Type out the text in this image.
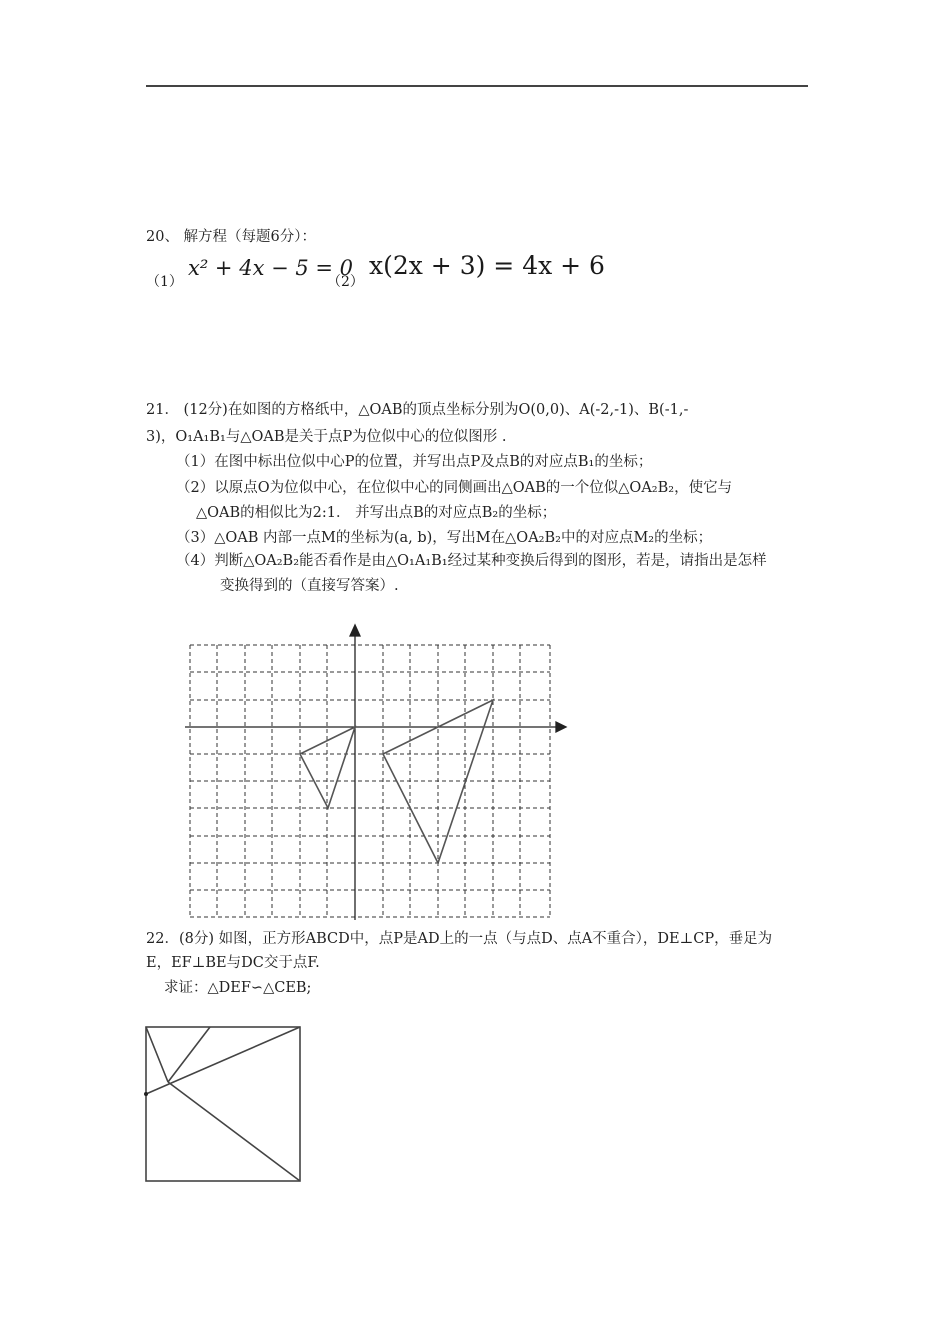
20、 解方程（每题6分）：
（1）
x² + 4x − 5 = 0
（2）
x(2x + 3) = 4x + 6
21． (12分)在如图的方格纸中，△OAB的顶点坐标分别为O(0,0)、A(-2,-1)、B(-1,-
3)，O₁A₁B₁与△OAB是关于点P为位似中心的位似图形 .
（1）在图中标出位似中心P的位置，并写出点P及点B的对应点B₁的坐标；
（2）以原点O为位似中心，在位似中心的同侧画出△OAB的一个位似△OA₂B₂，使它与
△OAB的相似比为2:1． 并写出点B的对应点B₂的坐标；
（3）△OAB 内部一点M的坐标为(a, b)，写出M在△OA₂B₂中的对应点M₂的坐标；
（4）判断△OA₂B₂能否看作是由△O₁A₁B₁经过某种变换后得到的图形，若是，请指出是怎样
变换得到的（直接写答案）.
22．(8分) 如图，正方形ABCD中，点P是AD上的一点（与点D、点A不重合），DE⊥CP，垂足为
E，EF⊥BE与DC交于点F.
求证：△DEF∽△CEB;
